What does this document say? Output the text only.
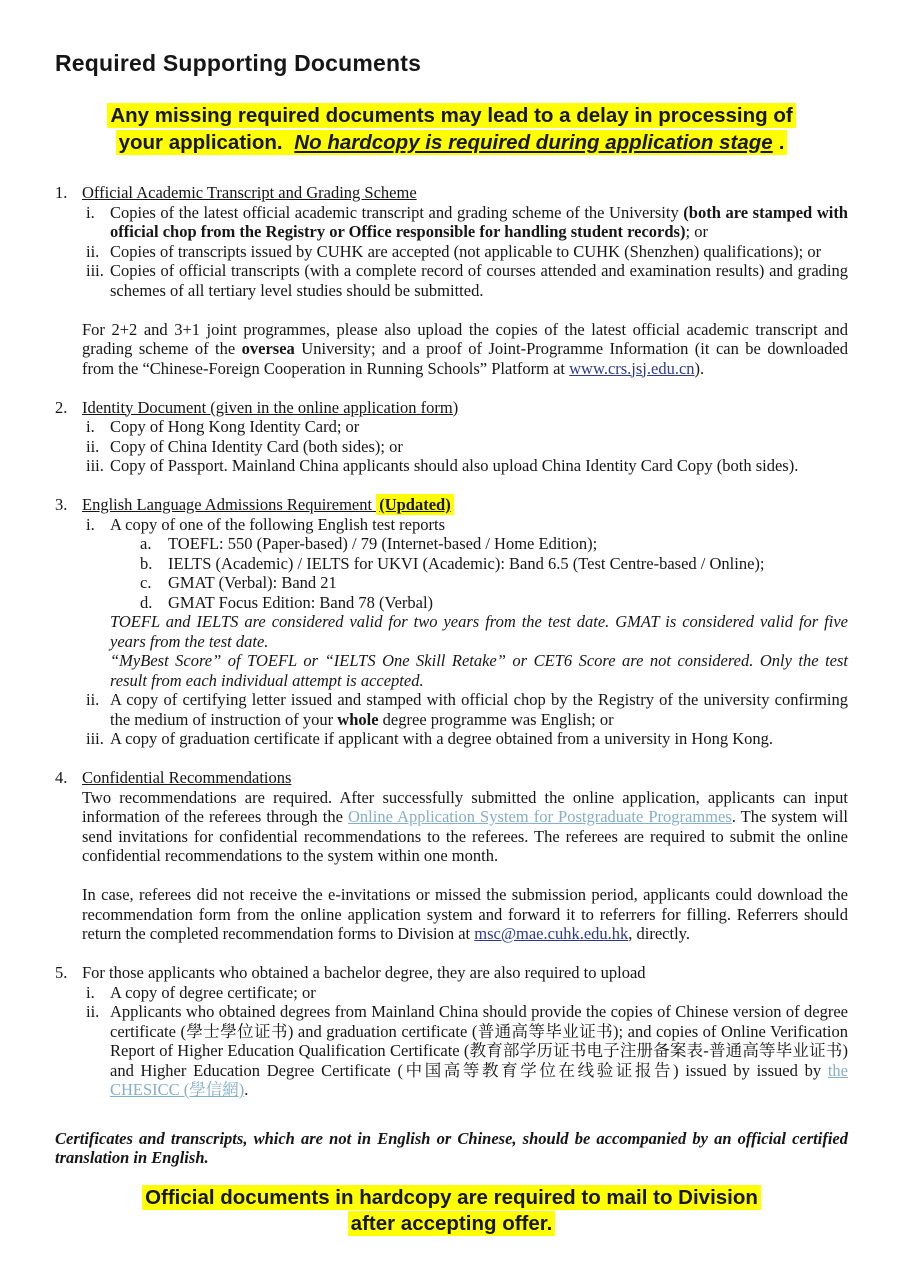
Required Supporting Documents
Any missing required documents may lead to a delay in processing of
your application. No hardcopy is required during application stage .
1. Official Academic Transcript and Grading Scheme
i. Copies of the latest official academic transcript and grading scheme of the University (both are stamped with official chop from the Registry or Office responsible for handling student records); or
ii. Copies of transcripts issued by CUHK are accepted (not applicable to CUHK (Shenzhen) qualifications); or
iii. Copies of official transcripts (with a complete record of courses attended and examination results) and grading schemes of all tertiary level studies should be submitted.
For 2+2 and 3+1 joint programmes, please also upload the copies of the latest official academic transcript and grading scheme of the oversea University; and a proof of Joint-Programme Information (it can be downloaded from the “Chinese-Foreign Cooperation in Running Schools” Platform at www.crs.jsj.edu.cn).
2. Identity Document (given in the online application form)
i. Copy of Hong Kong Identity Card; or
ii. Copy of China Identity Card (both sides); or
iii. Copy of Passport. Mainland China applicants should also upload China Identity Card Copy (both sides).
3. English Language Admissions Requirement (Updated)
i. A copy of one of the following English test reports
a.	TOEFL: 550 (Paper-based) / 79 (Internet-based / Home Edition);
b. IELTS (Academic) / IELTS for UKVI (Academic): Band 6.5 (Test Centre-based / Online);
c.	GMAT (Verbal): Band 21
d. GMAT Focus Edition: Band 78 (Verbal)
TOEFL and IELTS are considered valid for two years from the test date. GMAT is considered valid for five years from the test date.
“MyBest Score” of TOEFL or “IELTS One Skill Retake” or CET6 Score are not considered. Only the test result from each individual attempt is accepted.
ii. A copy of certifying letter issued and stamped with official chop by the Registry of the university confirming the medium of instruction of your whole degree programme was English; or
iii. A copy of graduation certificate if applicant with a degree obtained from a university in Hong Kong.
4. Confidential Recommendations
Two recommendations are required. After successfully submitted the online application, applicants can input information of the referees through the Online Application System for Postgraduate Programmes. The system will send invitations for confidential recommendations to the referees. The referees are required to submit the online confidential recommendations to the system within one month.
In case, referees did not receive the e-invitations or missed the submission period, applicants could download the recommendation form from the online application system and forward it to referrers for filling. Referrers should return the completed recommendation forms to Division at msc@mae.cuhk.edu.hk, directly.
5. For those applicants who obtained a bachelor degree, they are also required to upload
i. A copy of degree certificate; or
ii. Applicants who obtained degrees from Mainland China should provide the copies of Chinese version of degree certificate (學士學位证书) and graduation certificate (普通高等毕业证书); and copies of Online Verification Report of Higher Education Qualification Certificate (教育部学历证书电子注册备案表-普通高等毕业证书) and Higher Education Degree Certificate (中国高等教育学位在线验证报告) issued by issued by the CHESICC (學信網).
Certificates and transcripts, which are not in English or Chinese, should be accompanied by an official certified translation in English.
Official documents in hardcopy are required to mail to Division
after accepting offer.
